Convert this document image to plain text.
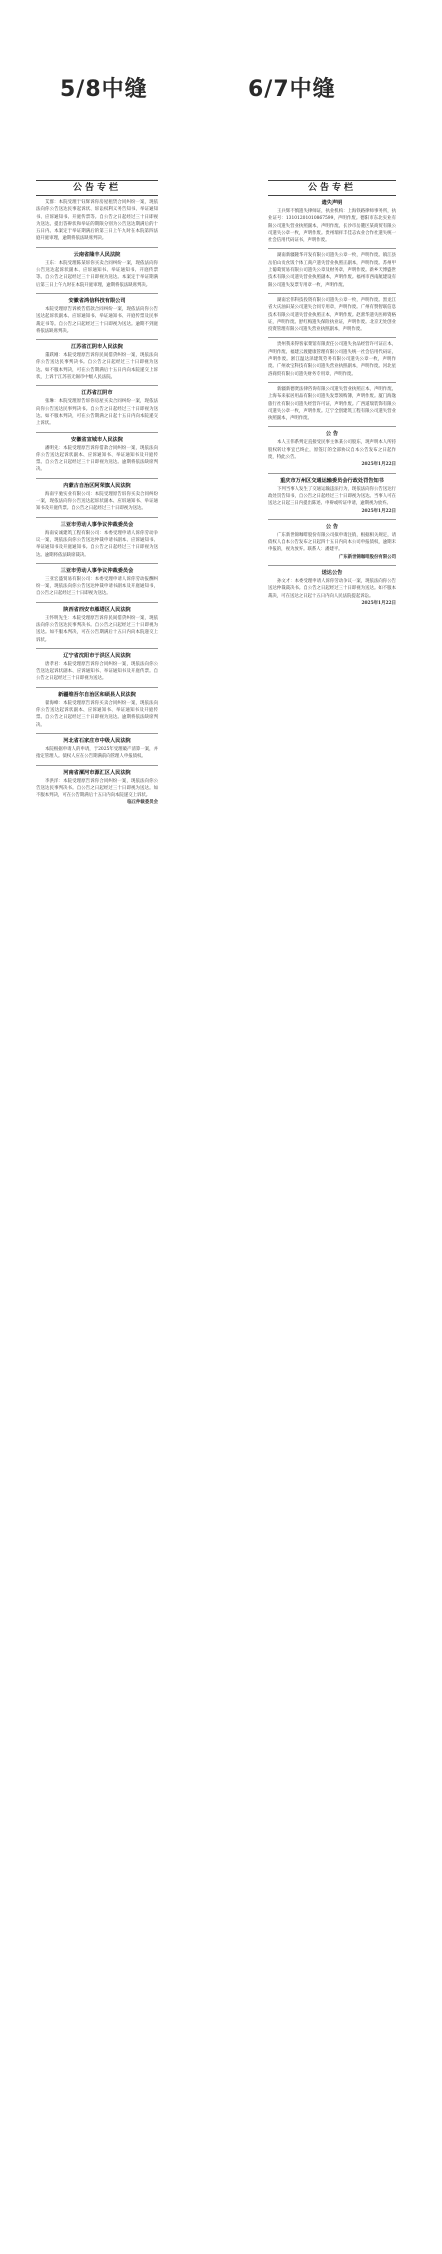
5/8中缝	6/7中缝
公告专栏

艾群：本院受理于钰辉诉你房屋租赁合同纠纷一案，现依法向你公告送达民事起诉状、诉讼权利义务告知书、举证通知书、应诉通知书、开庭传票等。自公告之日起经过三十日即视为送达。提出答辩状和举证的期限分别为公告送达期满后的十五日内。本案定于举证期满后的第三日上午九时在本院第四法庭开庭审理，逾期将依法缺席判决。

云南省隆丰人民法院

王东：本院受理陈某诉你买卖合同纠纷一案，现依法向你公告送达起诉状副本、应诉通知书、举证通知书、开庭传票等。自公告之日起经过三十日即视为送达。本案定于举证期满后第三日上午九时在本院开庭审理，逾期将依法缺席判决。

安徽省鸿信科技有限公司

本院受理原告诉被告借款合同纠纷一案，现依法向你公告送达起诉状副本、应诉通知书、举证通知书、开庭传票及民事裁定书等。自公告之日起经过三十日即视为送达。逾期不到庭将依法缺席判决。

江苏省江阴市人民法院

董跃刚：本院受理原告诉你民间借贷纠纷一案，现依法向你公告送达民事判决书。自公告之日起经过三十日即视为送达。如不服本判决，可在公告期满后十五日内向本院递交上诉状，上诉于江苏省无锡市中级人民法院。

江苏省江阴市

张琳：本院受理原告诉你房屋买卖合同纠纷一案，现依法向你公告送达民事判决书。自公告之日起经过三十日即视为送达。如不服本判决，可在公告期满之日起十五日内向本院递交上诉状。

安徽省宣城市人民法院

潘明先：本院受理原告诉你借款合同纠纷一案，现依法向你公告送达起诉状副本、应诉通知书、举证通知书及开庭传票。自公告之日起经过三十日即视为送达。逾期将依法缺席判决。

内蒙古自治区阿荣旗人民法院

海南宇驰实业有限公司：本院受理原告诉你买卖合同纠纷一案，现依法向你公告送达起诉状副本、应诉通知书、举证通知书及开庭传票。自公告之日起经过三十日即视为送达。

三亚市劳动人事争议仲裁委员会

海南安诚建筑工程有限公司：本委受理申请人诉你劳动争议一案，现依法向你公告送达仲裁申请书副本、应诉通知书、举证通知书及开庭通知书。自公告之日起经过三十日即视为送达。逾期将依法缺席裁决。

三亚市劳动人事争议仲裁委员会

三亚宏盛贸易有限公司：本委受理申请人诉你劳动报酬纠纷一案，现依法向你公告送达仲裁申请书副本及开庭通知书，自公告之日起经过三十日即视为送达。

陕西省西安市雁塔区人民法院

王怀明先生：本院受理原告诉你民间借贷纠纷一案，现依法向你公告送达民事判决书。自公告之日起经过三十日即视为送达。如不服本判决，可在公告期满后十五日内向本院递交上诉状。

辽宁省沈阳市于洪区人民法院

唐孝君：本院受理原告诉你合同纠纷一案，现依法向你公告送达起诉状副本、应诉通知书、举证通知书及开庭传票。自公告之日起经过三十日即视为送达。

新疆维吾尔自治区和硕县人民法院

翟海峰：本院受理原告诉你买卖合同纠纷一案，现依法向你公告送达起诉状副本、应诉通知书、举证通知书及开庭传票。自公告之日起经过三十日即视为送达。逾期将依法缺席判决。

河北省石家庄市中级人民法院

本院根据申请人的申请，于2025年受理破产清算一案，并指定管理人。债权人应在公告期满前向管理人申报债权。

河南省漯河市源汇区人民法院

李洪洋：本院受理原告诉你合同纠纷一案，现依法向你公告送达民事判决书。自公告之日起经过三十日即视为送达。如不服本判决，可在公告期满后十五日内向本院递交上诉状。

临丘仲裁委员会

公告专栏
遗失声明

王兵辉不慎遗失律师证，执业机构：上海铁路律师事务所，执业证号：13101201010867599，声明作废。德阳市东北实业有限公司遗失营业执照副本，声明作废。长沙市岳麓区某商贸有限公司遗失公章一枚，声明作废。贵州瑞祥丰佳志农业合作社遗失统一社会信用代码证书，声明作废。

湖南新疆隆华开发有限公司遗失公章一枚，声明作废。镇江县岳伯山贡食饭个体工商户遗失营业执照正副本，声明作废。苏州甲上葡萄贸易有限公司遗失公章及财务章，声明作废。新乡天博盛世技术有限公司遗失营业执照副本，声明作废。福州市西南航建设有限公司遗失发票专用章一枚，声明作废。

湖南宏伟科技投资有限公司遗失公章一枚，声明作废。黑龙江省大庆油田某公司遗失合同专用章，声明作废。广州有赞智联信息技术有限公司遗失营业执照正本，声明作废。赵蕾华遗失医师资格证，声明作废。舒红梅遗失保险执业证，声明作废。北京无处创业投资管理有限公司遗失营业执照副本，声明作废。

贵州我来得客家菜馆有限责任公司遗失食品经营许可证正本，声明作废。福建云渡健康管理有限公司遗失统一社会信用代码证，声明作废。浙江温达泽建筑劳务有限公司遗失公章一枚，声明作废。广州欢宝科技有限公司遗失营业执照副本，声明作废。河北星洛商贸有限公司遗失财务专用章，声明作废。

新疆新德贤法律咨询有限公司遗失营业执照正本，声明作废。上海布来家居用品有限公司遗失发票领购簿，声明作废。厦门海逸旅行社有限公司遗失经营许可证，声明作废。广西道瑞装饰有限公司遗失公章一枚，声明作废。辽宁全创建筑工程有限公司遗失营业执照副本，声明作废。

公 告

本人王伟系判定直接受民事主体某公司股东，现声明本人所持股权转让事宜已终止，原签订的全部协议自本公告发布之日起作废，特此公告。

2025年1月22日

重庆市万州区交通运输委员会行政处罚告知书

下列当事人发生了交通运输违法行为，现依法向你公告送达行政处罚告知书，自公告之日起经过三十日即视为送达。当事人可在送达之日起三日内提出陈述、申辩或听证申请，逾期视为放弃。

2025年1月22日

公 告

广东新世锦咖啡股份有限公司拟申请注销，根据相关规定，请债权人自本公告发布之日起四十五日内向本公司申报债权，逾期未申报的，视为放弃。联系人：潘建平。

广东新世锦咖啡股份有限公司

送达公告

孙文才：本委受理申请人诉你劳动争议一案，现依法向你公告送达仲裁裁决书。自公告之日起经过三十日即视为送达。如不服本裁决，可在送达之日起十五日内向人民法院提起诉讼。

2025年1月22日
